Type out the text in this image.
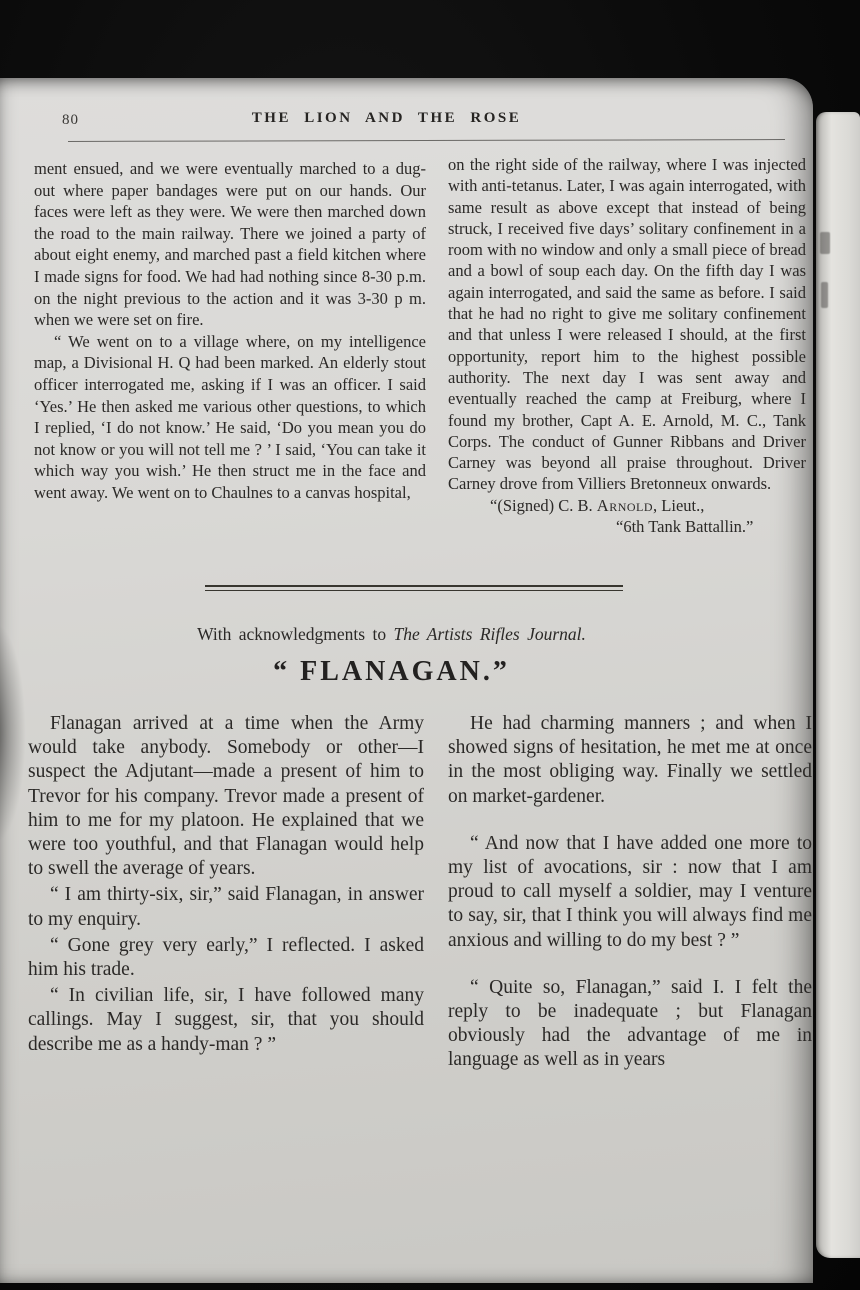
80	THE LION AND THE ROSE

ment ensued, and we were eventually marched to a dug-out where paper bandages were put on our hands. Our faces were left as they were. We were then marched down the road to the main railway. There we joined a party of about eight enemy, and marched past a field kitchen where I made signs for food. We had had nothing since 8-30 p.m. on the night previous to the action and it was 3-30 p m. when we were set on fire.

“ We went on to a village where, on my intelligence map, a Divisional H. Q had been marked. An elderly stout officer interrogated me, asking if I was an officer. I said ‘Yes.’ He then asked me various other questions, to which I replied, ‘I do not know.’ He said, ‘Do you mean you do not know or you will not tell me ? ’ I said, ‘You can take it which way you wish.’ He then struct me in the face and went away. We went on to Chaulnes to a canvas hospital,

on the right side of the railway, where I was injected with anti-tetanus. Later, I was again interrogated, with same result as above except that instead of being struck, I received five days’ solitary confinement in a room with no window and only a small piece of bread and a bowl of soup each day. On the fifth day I was again interrogated, and said the same as before. I said that he had no right to give me solitary confinement and that unless I were released I should, at the first opportunity, report him to the highest possible authority. The next day I was sent away and eventually reached the camp at Freiburg, where I found my brother, Capt A. E. Arnold, M. C., Tank Corps. The conduct of Gunner Ribbans and Driver Carney was beyond all praise throughout. Driver Carney drove from Villiers Bretonneux onwards.

“(Signed) C. B. Arnold, Lieut.,

“6th Tank Battallin.”

With acknowledgments to The Artists Rifles Journal.
“ FLANAGAN.”

Flanagan arrived at a time when the Army would take anybody. Somebody or other—I suspect the Adjutant—made a present of him to Trevor for his company. Trevor made a present of him to me for my platoon. He explained that we were too youthful, and that Flanagan would help to swell the average of years.

“ I am thirty-six, sir,” said Flanagan, in answer to my enquiry.

“ Gone grey very early,” I reflected. I asked him his trade.

“ In civilian life, sir, I have followed many callings. May I suggest, sir, that you should describe me as a handy-man ? ”

He had charming manners ; and when I showed signs of hesitation, he met me at once in the most obliging way. Finally we settled on market-gardener.

“ And now that I have added one more to my list of avocations, sir : now that I am proud to call myself a soldier, may I venture to say, sir, that I think you will always find me anxious and willing to do my best ? ”

“ Quite so, Flanagan,” said I. I felt the reply to be inadequate ; but Flanagan obviously had the advantage of me in language as well as in years
